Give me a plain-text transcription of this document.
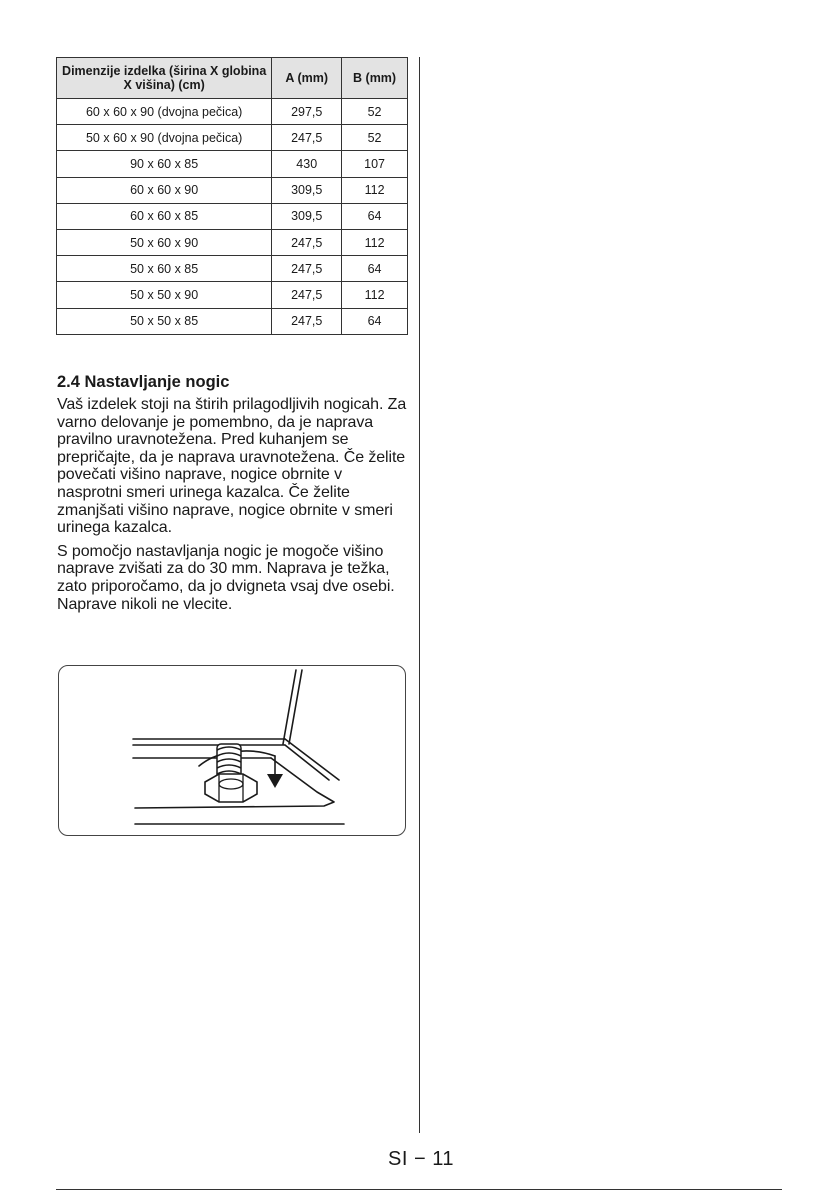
Dimenzije izdelka (širina X globina X višina) (cm)	A (mm)	B (mm)
60 x 60 x 90 (dvojna pečica)	297,5	52
50 x 60 x 90 (dvojna pečica)	247,5	52
90 x 60 x 85	430	107
60 x 60 x 90	309,5	112
60 x 60 x 85	309,5	64
50 x 60 x 90	247,5	112
50 x 60 x 85	247,5	64
50 x 50 x 90	247,5	112
50 x 50 x 85	247,5	64
2.4 Nastavljanje nogic

Vaš izdelek stoji na štirih prilagodljivih nogicah. Za varno delovanje je pomembno, da je naprava pravilno uravnotežena. Pred kuhanjem se prepričajte, da je naprava uravnotežena. Če želite povečati višino naprave, nogice obrnite v nasprotni smeri urinega kazalca. Če želite zmanjšati višino naprave, nogice obrnite v smeri urinega kazalca.

S pomočjo nastavljanja nogic je mogoče višino naprave zvišati za do 30 mm. Naprava je težka, zato priporočamo, da jo dvigneta vsaj dve osebi. Naprave nikoli ne vlecite.

SI − 11
